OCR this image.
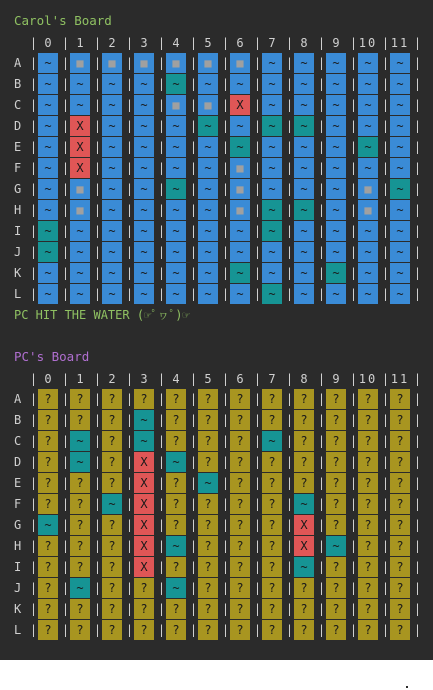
Carol's Board
| 0 | 1 | 2 | 3 | 4 | 5 | 6 | 7 | 8 | 9 | 10 | 11 |
A | ~ | ■ | ■ | ■ | ■ | ■ | ■ | ~ | ~ | ~ | ~ | ~ |
B | ~ | ~ | ~ | ~ | ~ | ~ | ~ | ~ | ~ | ~ | ~ | ~ |
C | ~ | ~ | ~ | ~ | ■ | ■ | X | ~ | ~ | ~ | ~ | ~ |
D | ~ | X | ~ | ~ | ~ | ~ | ~ | ~ | ~ | ~ | ~ | ~ |
E | ~ | X | ~ | ~ | ~ | ~ | ~ | ~ | ~ | ~ | ~ | ~ |
F | ~ | X | ~ | ~ | ~ | ~ | ■ | ~ | ~ | ~ | ~ | ~ |
G | ~ | ■ | ~ | ~ | ~ | ~ | ■ | ~ | ~ | ~ | ■ | ~ |
H | ~ | ■ | ~ | ~ | ~ | ~ | ■ | ~ | ~ | ~ | ■ | ~ |
I | ~ | ~ | ~ | ~ | ~ | ~ | ~ | ~ | ~ | ~ | ~ | ~ |
J | ~ | ~ | ~ | ~ | ~ | ~ | ~ | ~ | ~ | ~ | ~ | ~ |
K | ~ | ~ | ~ | ~ | ~ | ~ | ~ | ~ | ~ | ~ | ~ | ~ |
L | ~ | ~ | ~ | ~ | ~ | ~ | ~ | ~ | ~ | ~ | ~ | ~ |
PC HIT THE WATER (☞ﾟヮﾟ)☞
PC's Board
| 0 | 1 | 2 | 3 | 4 | 5 | 6 | 7 | 8 | 9 | 10 | 11 |
A | ? | ? | ? | ? | ? | ? | ? | ? | ? | ? | ? | ? |
B | ? | ? | ? | ~ | ? | ? | ? | ? | ? | ? | ? | ? |
C | ? | ~ | ? | ~ | ? | ? | ? | ~ | ? | ? | ? | ? |
D | ? | ~ | ? | X | ~ | ? | ? | ? | ? | ? | ? | ? |
E | ? | ? | ? | X | ? | ~ | ? | ? | ? | ? | ? | ? |
F | ? | ? | ~ | X | ? | ? | ? | ? | ~ | ? | ? | ? |
G | ~ | ? | ? | X | ? | ? | ? | ? | X | ? | ? | ? |
H | ? | ? | ? | X | ~ | ? | ? | ? | X | ~ | ? | ? |
I | ? | ? | ? | X | ? | ? | ? | ? | ~ | ? | ? | ? |
J | ? | ~ | ? | ? | ~ | ? | ? | ? | ? | ? | ? | ? |
K | ? | ? | ? | ? | ? | ? | ? | ? | ? | ? | ? | ? |
L | ? | ? | ? | ? | ? | ? | ? | ? | ? | ? | ? | ? |
